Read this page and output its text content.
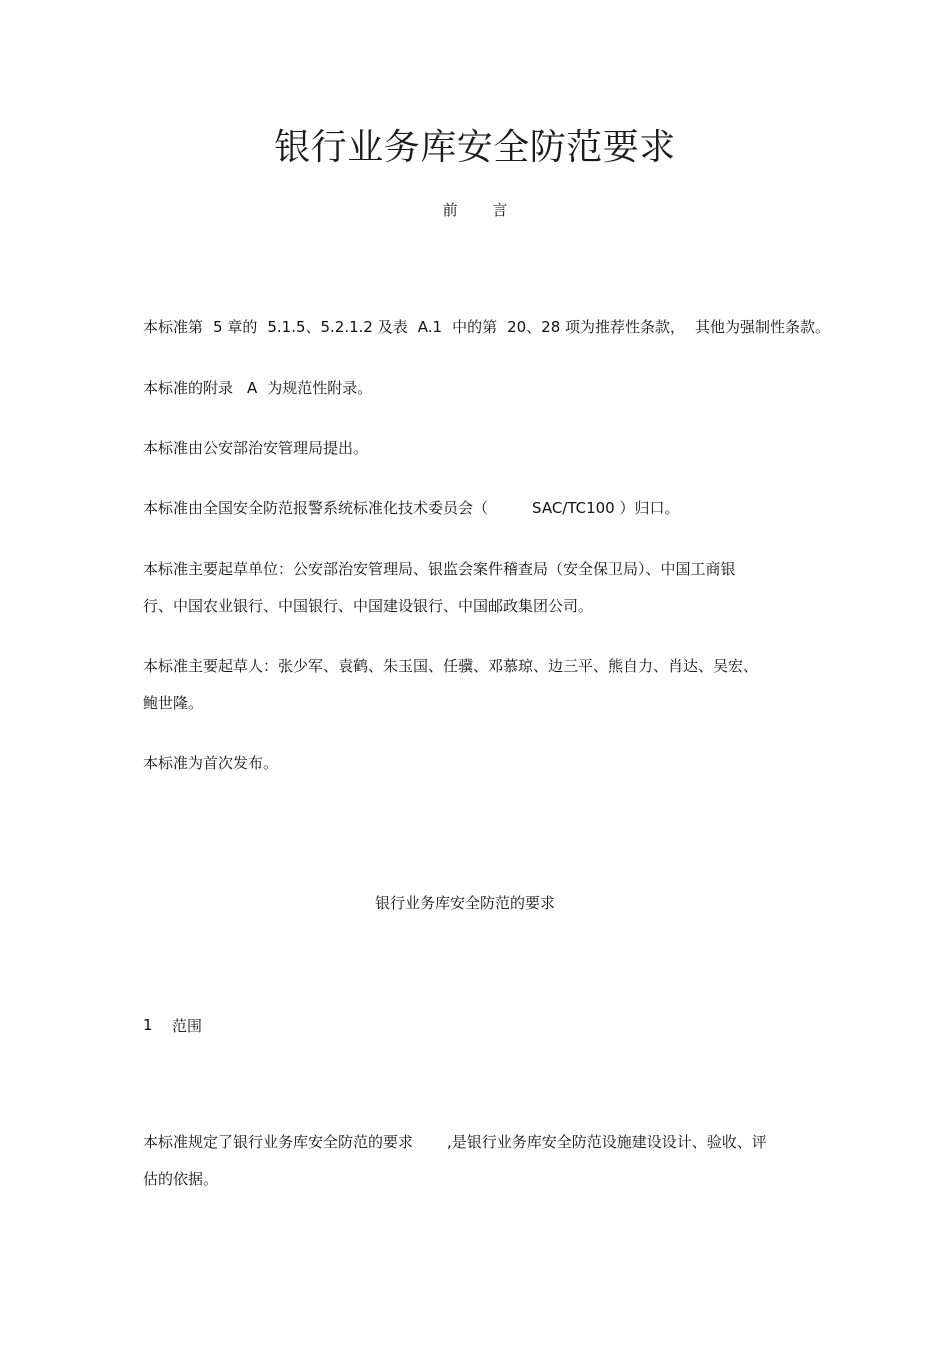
银行业务库安全防范要求
前 言
本标准第 5 章的 5.1.5、5.2.1.2 及表 A.1 中的第 20、28 项为推荐性条款， 其他为强制性条款。
本标准的附录 A 为规范性附录。
本标准由公安部治安管理局提出。
本标准由全国安全防范报警系统标准化技术委员会（	SAC/TC100 ）归口。
本标准主要起草单位：公安部治安管理局、银监会案件稽查局（安全保卫局）、中国工商银
行、中国农业银行、中国银行、中国建设银行、中国邮政集团公司。
本标准主要起草人：张少军、袁鹤、朱玉国、任骥、邓慕琼、边三平、熊自力、肖达、吴宏、
鲍世隆。
本标准为首次发布。
银行业务库安全防范的要求
1 范围
本标准规定了银行业务库安全防范的要求 ,是银行业务库安全防范设施建设设计、验收、评
估的依据。
